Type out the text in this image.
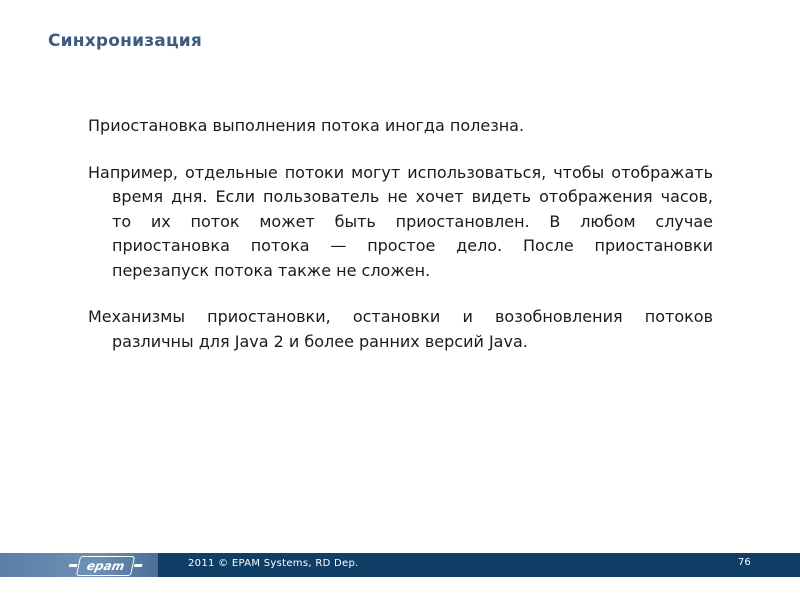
Синхронизация

Приостановка выполнения потока иногда полезна.

Например, отдельные потоки могут использоваться, чтобы отображать время дня. Если пользователь не хочет видеть отображения часов, то их поток может быть приостановлен. В любом случае приостановка потока — простое дело. После приостановки перезапуск потока также не сложен.

Механизмы приостановки, остановки и возобновления потоков различны для Java 2 и более ранних версий Java.

epam	2011 © EPAM Systems, RD Dep.	76
